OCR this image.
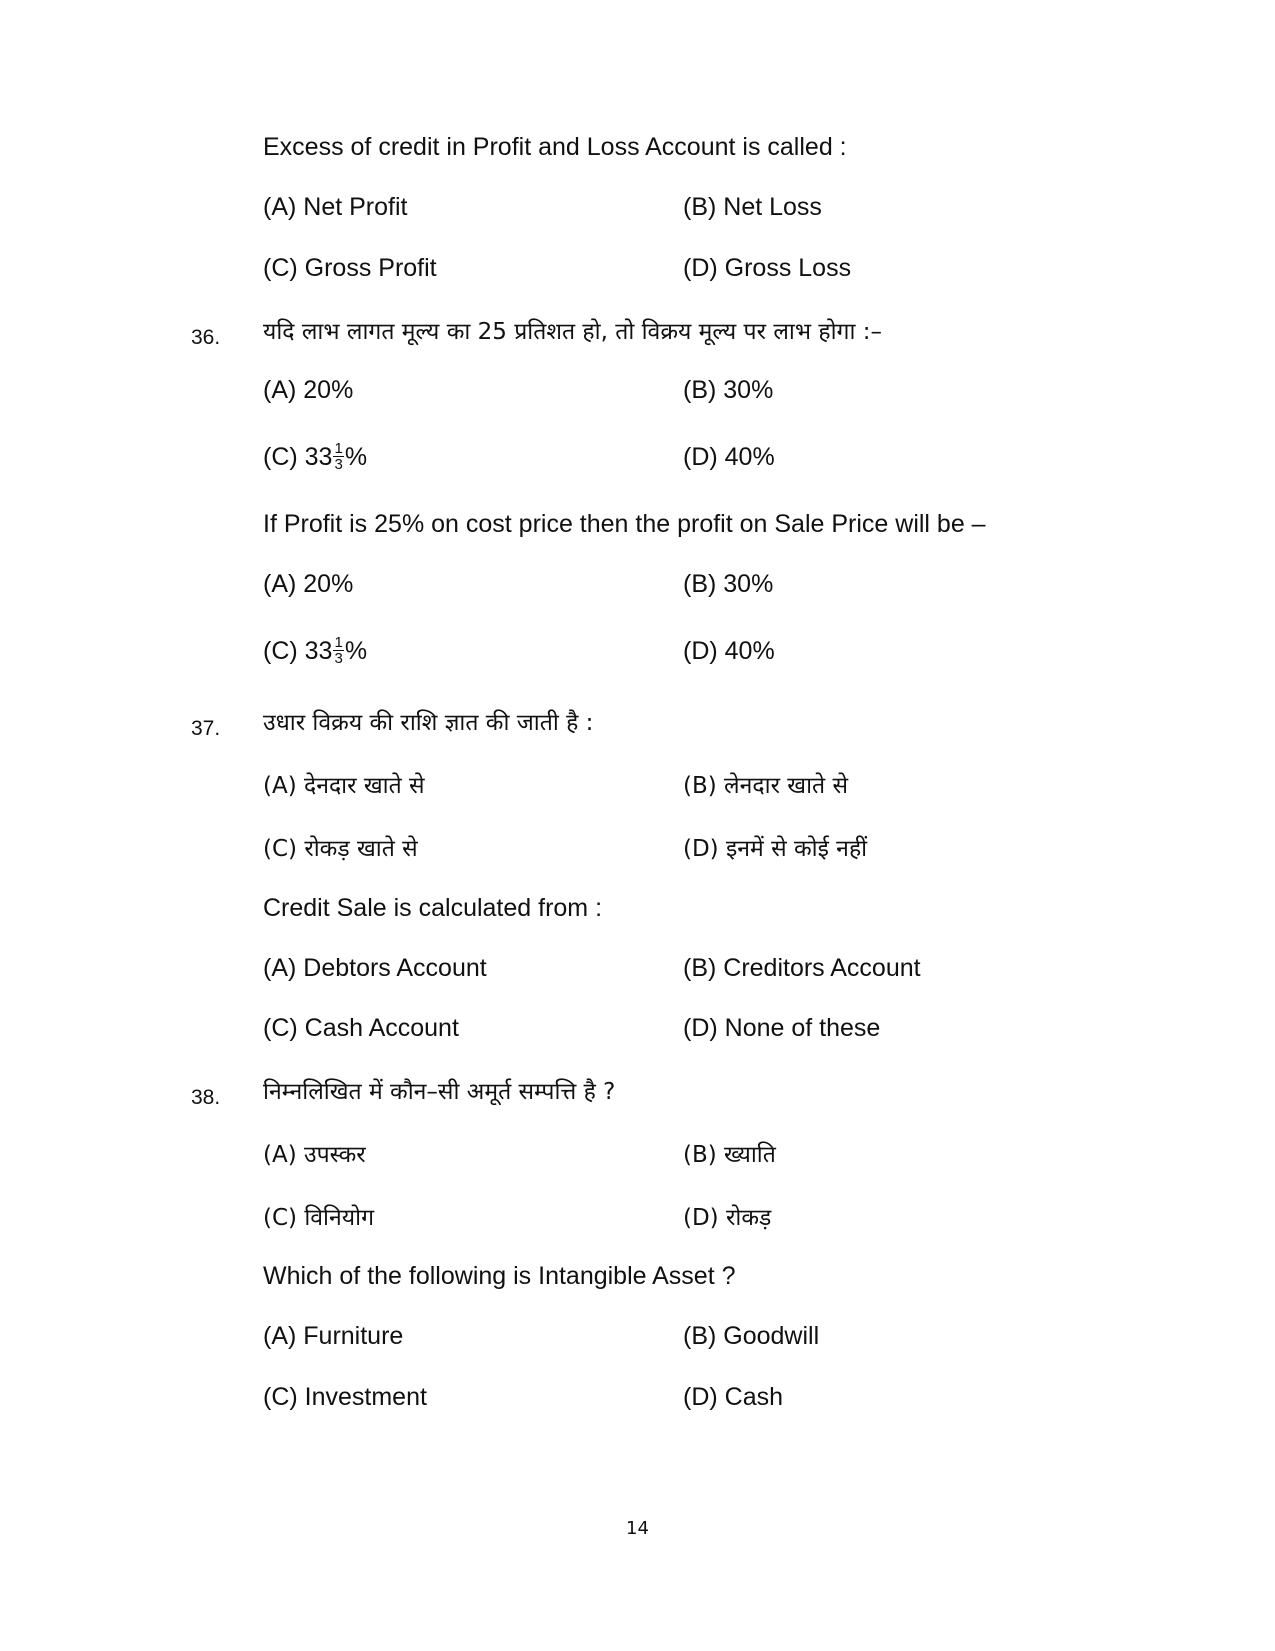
Excess of credit in Profit and Loss Account is called :
(A) Net Profit	(B) Net Loss
(C) Gross Profit	(D) Gross Loss
36. यदि लाभ लागत मूल्य का 25 प्रतिशत हो, तो विक्रय मूल्य पर लाभ होगा :–
(A) 20%	(B) 30%
(C) $33 \frac{1}{3}$ %	(D) 40%
If Profit is 25% on cost price then the profit on Sale Price will be –
(A) 20%	(B) 30%
(C) $33 \frac{1}{3}$ %	(D) 40%
37. उधार विक्रय की राशि ज्ञात की जाती है :
(A) देनदार खाते से	(B) लेनदार खाते से
(C) रोकड़ खाते से	(D) इनमें से कोई नहीं
Credit Sale is calculated from :
(A) Debtors Account	(B) Creditors Account
(C) Cash Account	(D) None of these
38. निम्नलिखित में कौन–सी अमूर्त सम्पत्ति है ?
(A) उपस्कर	(B) ख्याति
(C) विनियोग	(D) रोकड़
Which of the following is Intangible Asset ?
(A) Furniture	(B) Goodwill
(C) Investment	(D) Cash
14
